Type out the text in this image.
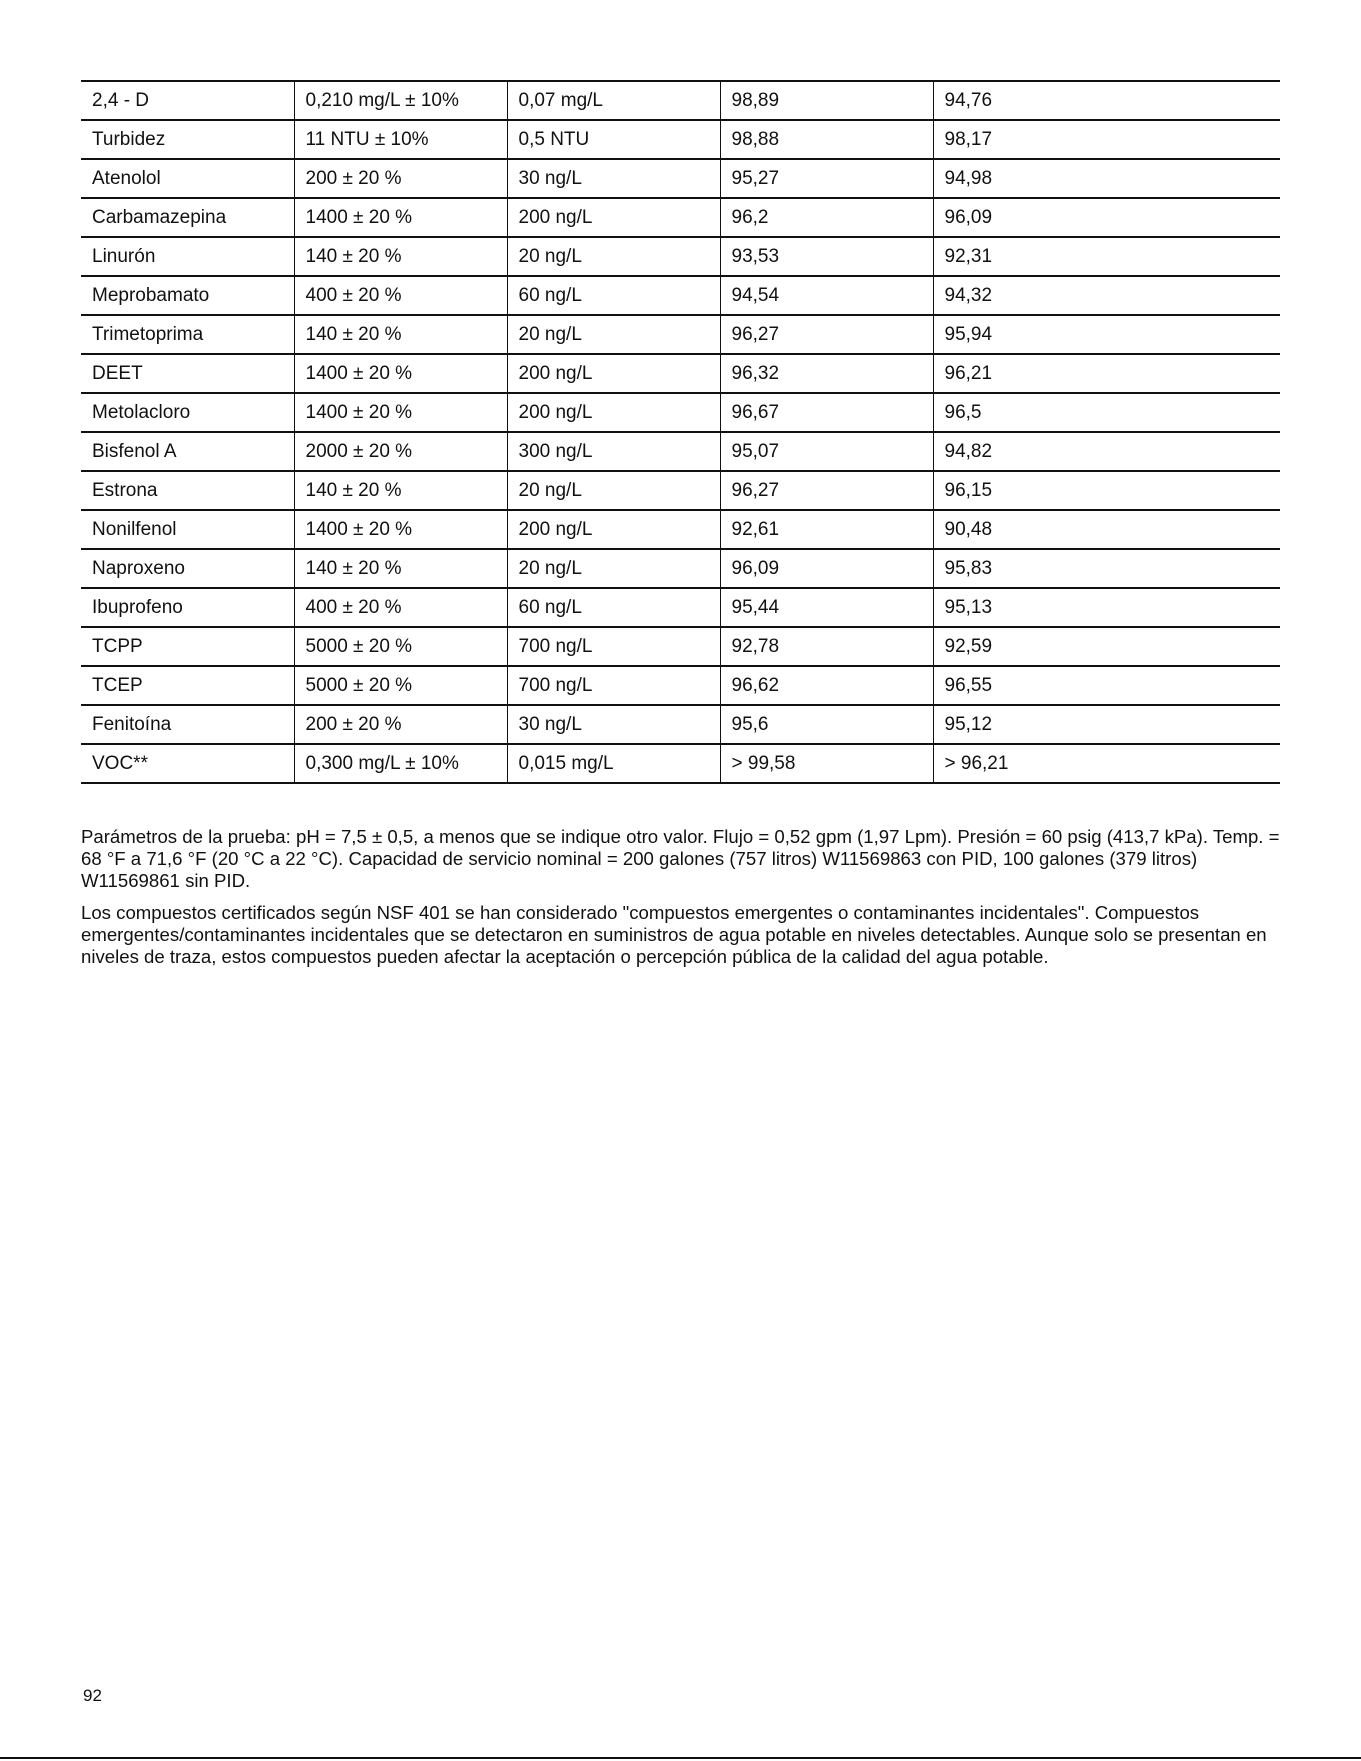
2,4 - D	0,210 mg/L ± 10%	0,07 mg/L	98,89	94,76
Turbidez	11 NTU ± 10%	0,5 NTU	98,88	98,17
Atenolol	200 ± 20 %	30 ng/L	95,27	94,98
Carbamazepina	1400 ± 20 %	200 ng/L	96,2	96,09
Linurón	140 ± 20 %	20 ng/L	93,53	92,31
Meprobamato	400 ± 20 %	60 ng/L	94,54	94,32
Trimetoprima	140 ± 20 %	20 ng/L	96,27	95,94
DEET	1400 ± 20 %	200 ng/L	96,32	96,21
Metolacloro	1400 ± 20 %	200 ng/L	96,67	96,5
Bisfenol A	2000 ± 20 %	300 ng/L	95,07	94,82
Estrona	140 ± 20 %	20 ng/L	96,27	96,15
Nonilfenol	1400 ± 20 %	200 ng/L	92,61	90,48
Naproxeno	140 ± 20 %	20 ng/L	96,09	95,83
Ibuprofeno	400 ± 20 %	60 ng/L	95,44	95,13
TCPP	5000 ± 20 %	700 ng/L	92,78	92,59
TCEP	5000 ± 20 %	700 ng/L	96,62	96,55
Fenitoína	200 ± 20 %	30 ng/L	95,6	95,12
VOC**	0,300 mg/L ± 10%	0,015 mg/L	> 99,58	> 96,21

Parámetros de la prueba: pH = 7,5 ± 0,5, a menos que se indique otro valor. Flujo = 0,52 gpm (1,97 Lpm). Presión = 60 psig (413,7 kPa). Temp. = 68 °F a 71,6 °F (20 °C a 22 °C). Capacidad de servicio nominal = 200 galones (757 litros) W11569863 con PID, 100 galones (379 litros) W11569861 sin PID.

Los compuestos certificados según NSF 401 se han considerado "compuestos emergentes o contaminantes incidentales". Compuestos emergentes/contaminantes incidentales que se detectaron en suministros de agua potable en niveles detectables. Aunque solo se presentan en niveles de traza, estos compuestos pueden afectar la aceptación o percepción pública de la calidad del agua potable.

92
